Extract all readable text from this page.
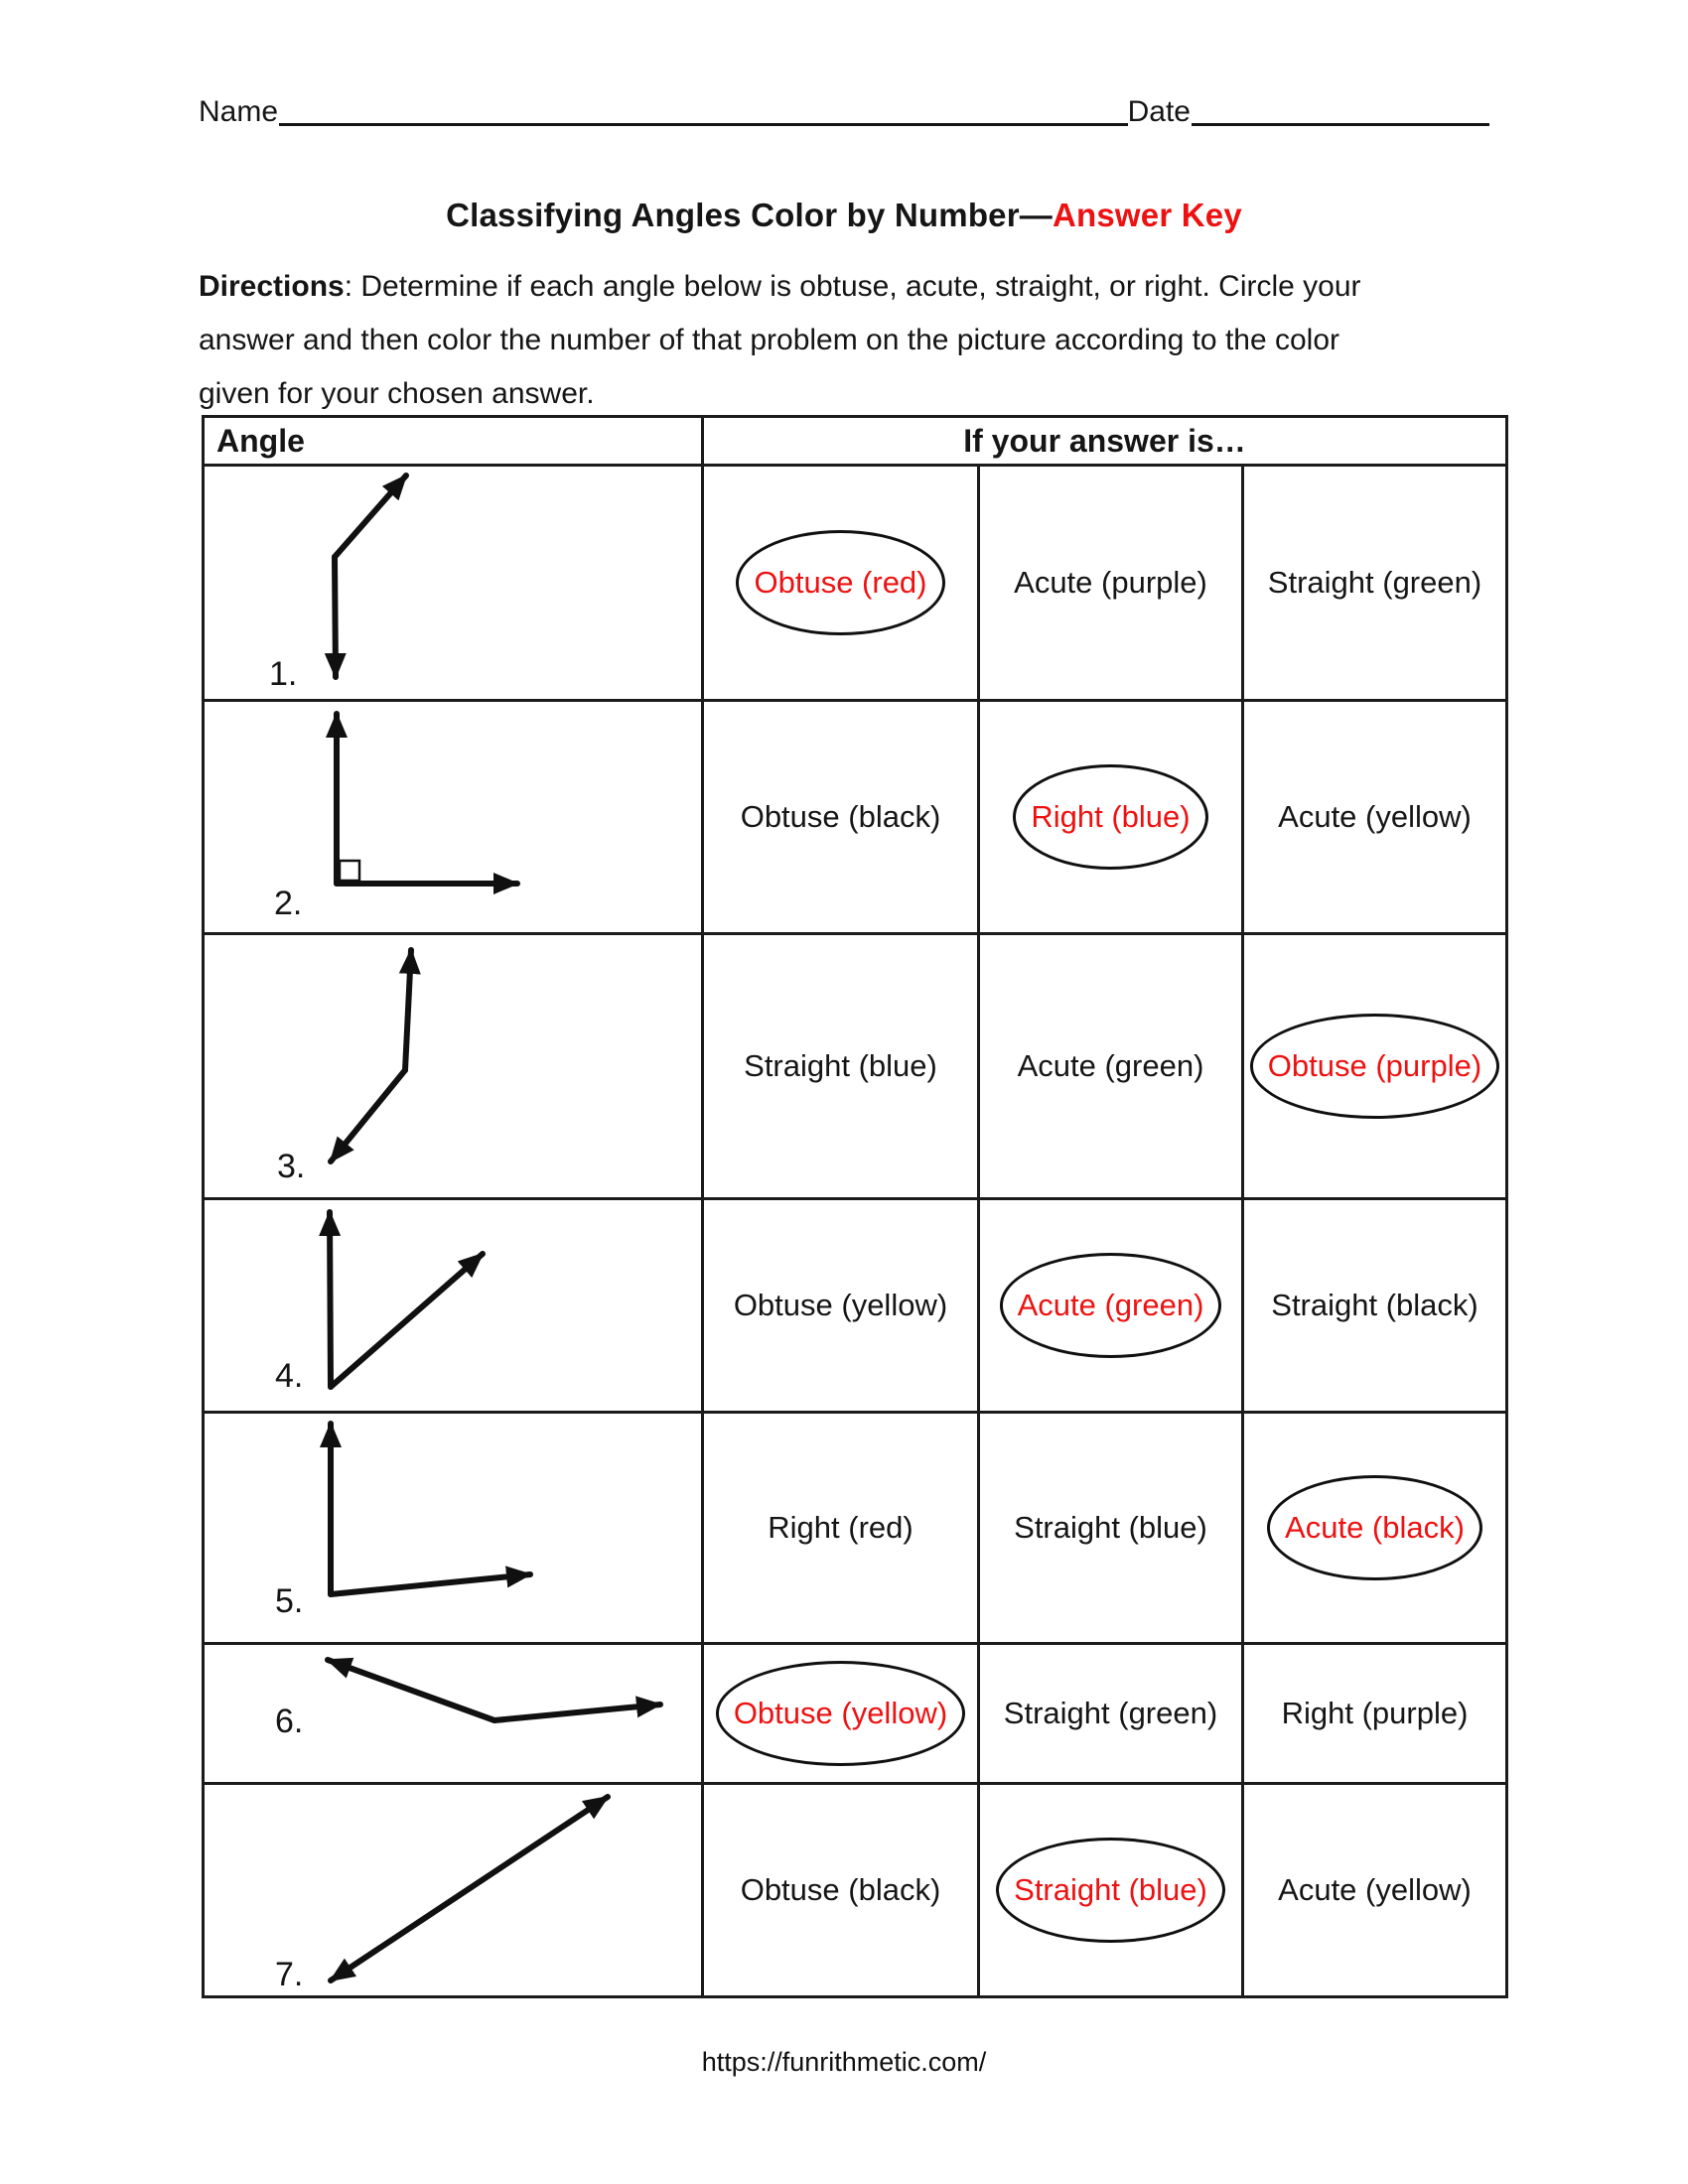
Name	Date
Classifying Angles Color by Number—Answer Key
Directions: Determine if each angle below is obtuse, acute, straight, or right. Circle your
answer and then color the number of that problem on the picture according to the color
given for your chosen answer.
Angle	If your answer is…		

1.	Obtuse (red)	Acute (purple)	Straight (green)

2.	Obtuse (black)	Right (blue)	Acute (yellow)

3.	Straight (blue)	Acute (green)	Obtuse (purple)

4.	Obtuse (yellow)	Acute (green)	Straight (black)

5.	Right (red)	Straight (blue)	Acute (black)

6.	Obtuse (yellow)	Straight (green)	Right (purple)

7.	Obtuse (black)	Straight (blue)	Acute (yellow)
https://funrithmetic.com/
